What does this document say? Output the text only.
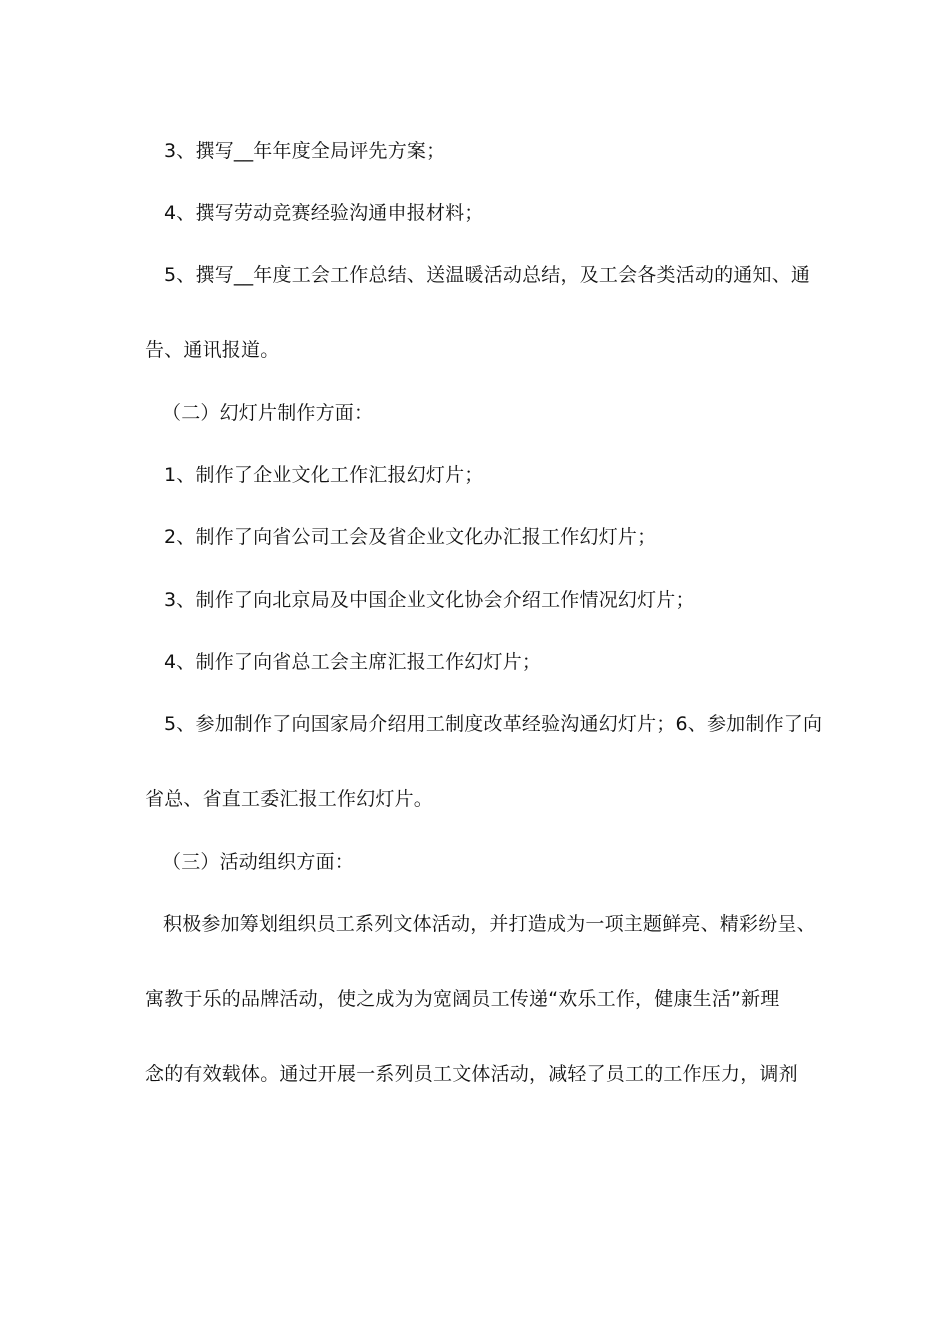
3、撰写__年年度全局评先方案；
4、撰写劳动竞赛经验沟通申报材料；
5、撰写__年度工会工作总结、送温暖活动总结，及工会各类活动的通知、通
告、通讯报道。
（二）幻灯片制作方面：
1、制作了企业文化工作汇报幻灯片；
2、制作了向省公司工会及省企业文化办汇报工作幻灯片；
3、制作了向北京局及中国企业文化协会介绍工作情况幻灯片；
4、制作了向省总工会主席汇报工作幻灯片；
5、参加制作了向国家局介绍用工制度改革经验沟通幻灯片；6、参加制作了向
省总、省直工委汇报工作幻灯片。
（三）活动组织方面：
积极参加筹划组织员工系列文体活动，并打造成为一项主题鲜亮、精彩纷呈、
寓教于乐的品牌活动，使之成为为宽阔员工传递“欢乐工作，健康生活”新理
念的有效载体。通过开展一系列员工文体活动，减轻了员工的工作压力，调剂
